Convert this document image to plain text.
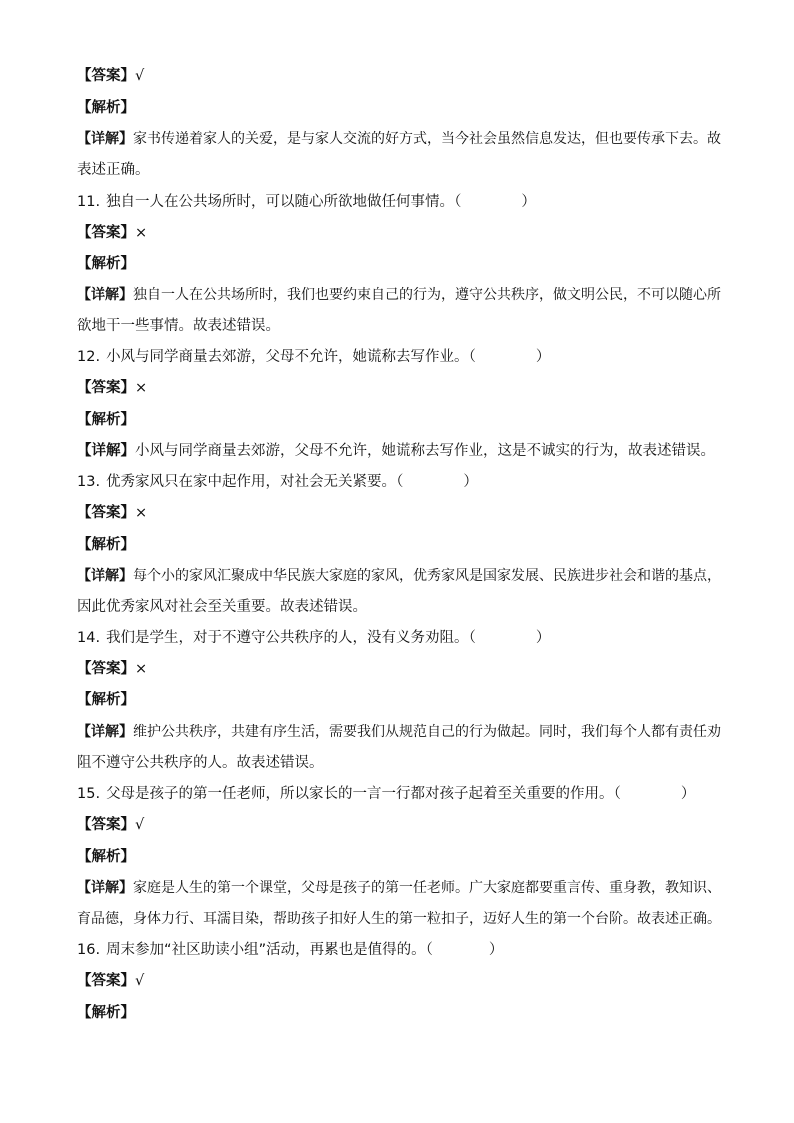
【答案】√
【解析】
【详解】家书传递着家人的关爱，是与家人交流的好方式，当今社会虽然信息发达，但也要传承下去。故
表述正确。
11. 独自一人在公共场所时，可以随心所欲地做任何事情。（	）
【答案】×
【解析】
【详解】独自一人在公共场所时，我们也要约束自己的行为，遵守公共秩序，做文明公民，不可以随心所
欲地干一些事情。故表述错误。
12. 小风与同学商量去郊游，父母不允许，她谎称去写作业。（	）
【答案】×
【解析】
【详解】小风与同学商量去郊游，父母不允许，她谎称去写作业，这是不诚实的行为，故表述错误。
13. 优秀家风只在家中起作用，对社会无关紧要。（	）
【答案】×
【解析】
【详解】每个小的家风汇聚成中华民族大家庭的家风，优秀家风是国家发展、民族进步社会和谐的基点，
因此优秀家风对社会至关重要。故表述错误。
14. 我们是学生，对于不遵守公共秩序的人，没有义务劝阻。（	）
【答案】×
【解析】
【详解】维护公共秩序，共建有序生活，需要我们从规范自己的行为做起。同时，我们每个人都有责任劝
阻不遵守公共秩序的人。故表述错误。
15. 父母是孩子的第一任老师，所以家长的一言一行都对孩子起着至关重要的作用。（	）
【答案】√
【解析】
【详解】家庭是人生的第一个课堂，父母是孩子的第一任老师。广大家庭都要重言传、重身教，教知识、
育品德，身体力行、耳濡目染，帮助孩子扣好人生的第一粒扣子，迈好人生的第一个台阶。故表述正确。
16. 周末参加“社区助读小组”活动，再累也是值得的。（	）
【答案】√
【解析】
